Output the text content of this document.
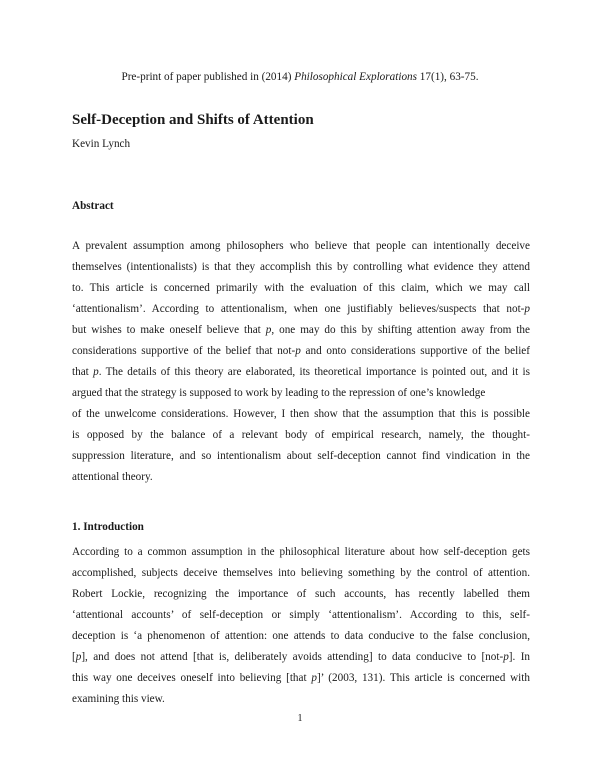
Pre-print of paper published in (2014) Philosophical Explorations 17(1), 63-75.
Self-Deception and Shifts of Attention

Kevin Lynch

Abstract
A prevalent assumption among philosophers who believe that people can intentionally deceive
themselves (intentionalists) is that they accomplish this by controlling what evidence they attend
to. This article is concerned primarily with the evaluation of this claim, which we may call
‘attentionalism’. According to attentionalism, when one justifiably believes/suspects that not-p
but wishes to make oneself believe that p, one may do this by shifting attention away from the
considerations supportive of the belief that not-p and onto considerations supportive of the belief
that p. The details of this theory are elaborated, its theoretical importance is pointed out, and it is
argued that the strategy is supposed to work by leading to the repression of one’s knowledge
of the unwelcome considerations. However, I then show that the assumption that this is possible
is opposed by the balance of a relevant body of empirical research, namely, the thought-
suppression literature, and so intentionalism about self-deception cannot find vindication in the
attentional theory.
1. Introduction
According to a common assumption in the philosophical literature about how self-deception gets
accomplished, subjects deceive themselves into believing something by the control of attention.
Robert Lockie, recognizing the importance of such accounts, has recently labelled them
‘attentional accounts’ of self-deception or simply ‘attentionalism’. According to this, self-
deception is ‘a phenomenon of attention: one attends to data conducive to the false conclusion,
[p], and does not attend [that is, deliberately avoids attending] to data conducive to [not-p]. In
this way one deceives oneself into believing [that p]’ (2003, 131). This article is concerned with
examining this view.
1
